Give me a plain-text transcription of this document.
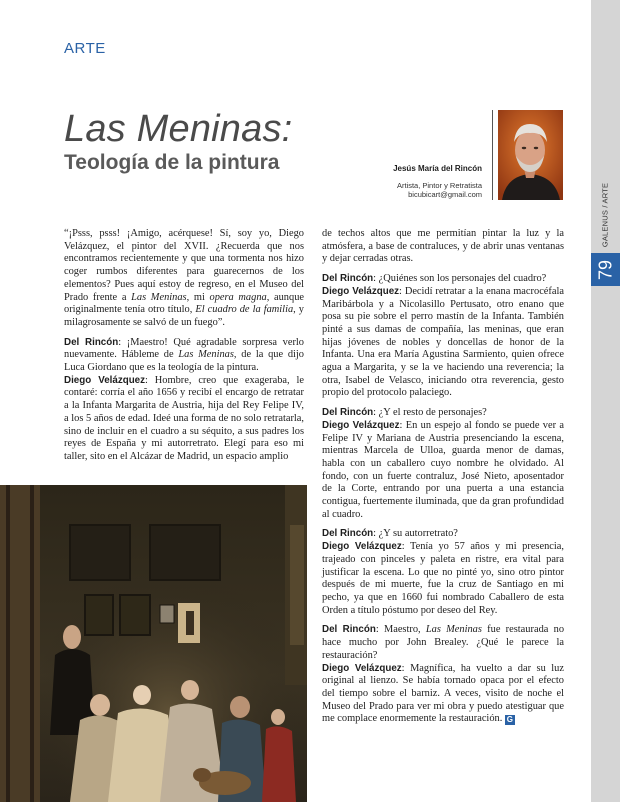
GALENUS / ARTE
79
ARTE
Las Meninas:
Teología de la pintura	Jesús María del Rincón
Artista, Pintor y Retratista
bicubicart@gmail.com

“¡Psss, psss! ¡Amigo, acérquese! Sí, soy yo, Diego Velázquez, el pintor del XVII. ¿Recuerda que nos encontramos recientemente y que una tormenta nos hizo coger rumbos diferentes para guarecernos de los elementos? Pues aquí estoy de regreso, en el Museo del Prado frente a Las Meninas, mi opera magna, aunque originalmente tenía otro título, El cuadro de la familia, y milagrosamente se salvó de un fuego”.

Del Rincón: ¡Maestro! Qué agradable sorpresa verlo nuevamente. Hábleme de Las Meninas, de la que dijo Luca Giordano que es la teología de la pintura.

Diego Velázquez: Hombre, creo que exageraba, le contaré: corría el año 1656 y recibí el encargo de retratar a la Infanta Margarita de Austria, hija del Rey Felipe IV, a los 5 años de edad. Ideé una forma de no solo retratarla, sino de incluir en el cuadro a su séquito, a sus padres los reyes de España y mi autorretrato. Elegí para eso mi taller, sito en el Alcázar de Madrid, un espacio amplio

de techos altos que me permitían pintar la luz y la atmósfera, a base de contraluces, y de abrir unas ventanas y dejar cerradas otras.

Del Rincón: ¿Quiénes son los personajes del cuadro?

Diego Velázquez: Decidí retratar a la enana macrocéfala Maribárbola y a Nicolasillo Pertusato, otro enano que posa su pie sobre el perro mastín de la Infanta. También pinté a sus damas de compañía, las meninas, que eran hijas jóvenes de nobles y doncellas de honor de la Infanta. Una era María Agustina Sarmiento, quien ofrece agua a Margarita, y se la ve haciendo una reverencia; la otra, Isabel de Velasco, iniciando otra reverencia, gesto propio del protocolo palaciego.

Del Rincón: ¿Y el resto de personajes?

Diego Velázquez: En un espejo al fondo se puede ver a Felipe IV y Mariana de Austria presenciando la escena, mientras Marcela de Ulloa, guarda menor de damas, habla con un caballero cuyo nombre he olvidado. Al fondo, con un fuerte contraluz, José Nieto, aposentador de la Corte, entrando por una puerta a una estancia contigua, fuertemente iluminada, que da gran profundidad al cuadro.

Del Rincón: ¿Y su autorretrato?

Diego Velázquez: Tenía yo 57 años y mi presencia, trajeado con pinceles y paleta en ristre, era vital para justificar la escena. Lo que no pinté yo, sino otro pintor después de mi muerte, fue la cruz de Santiago en mi pecho, ya que en 1660 fui nombrado Caballero de esta Orden a título póstumo por deseo del Rey.

Del Rincón: Maestro, Las Meninas fue restaurada no hace mucho por John Brealey. ¿Qué le parece la restauración?

Diego Velázquez: Magnífica, ha vuelto a dar su luz original al lienzo. Se había tornado opaca por el efecto del tiempo sobre el barniz. A veces, visito de noche el Museo del Prado para ver mi obra y puedo atestiguar que me complace enormemente la restauración. G
